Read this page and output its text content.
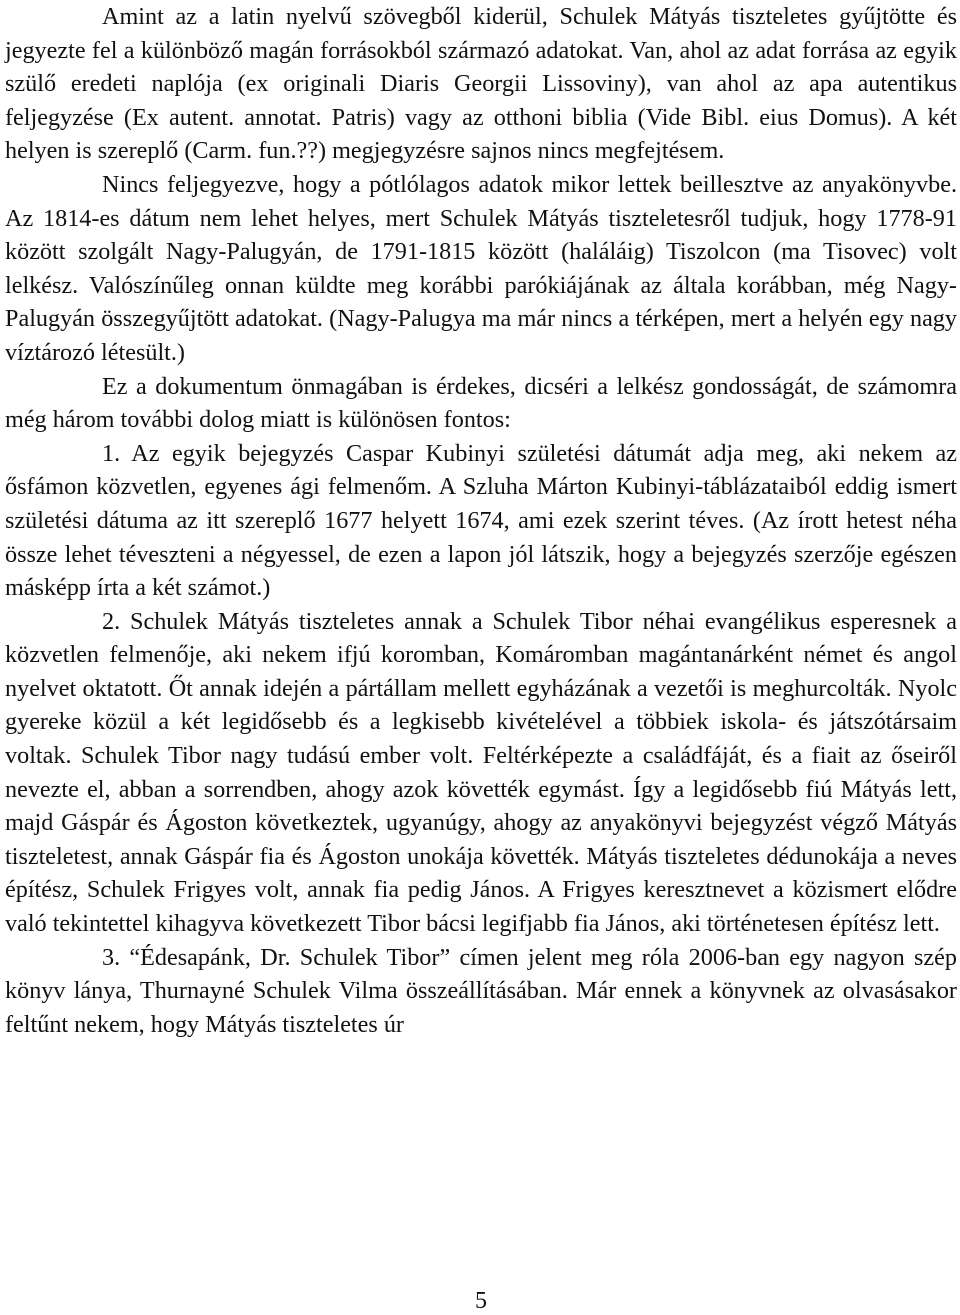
Amint az a latin nyelvű szövegből kiderül, Schulek Mátyás tiszteletes gyűjtötte és jegyezte fel a különböző magán forrásokból származó adatokat. Van, ahol az adat forrása az egyik szülő eredeti naplója (ex originali Diaris Georgii Lissoviny), van ahol az apa autentikus feljegyzése (Ex autent. annotat. Patris) vagy az otthoni biblia (Vide Bibl. eius Domus). A két helyen is szereplő (Carm. fun.??) megjegyzésre sajnos nincs megfejtésem.

Nincs feljegyezve, hogy a pótlólagos adatok mikor lettek beillesztve az anyakönyvbe. Az 1814-es dátum nem lehet helyes, mert Schulek Mátyás tiszteletesről tudjuk, hogy 1778-91 között szolgált Nagy-Palugyán, de 1791-1815 között (haláláig) Tiszolcon (ma Tisovec) volt lelkész. Valószínűleg onnan küldte meg korábbi parókiájának az általa korábban, még Nagy-Palugyán összegyűjtött adatokat. (Nagy-Palugya ma már nincs a térképen, mert a helyén egy nagy víztározó létesült.)

Ez a dokumentum önmagában is érdekes, dicséri a lelkész gondosságát, de számomra még három további dolog miatt is különösen fontos:

1. Az egyik bejegyzés Caspar Kubinyi születési dátumát adja meg, aki nekem az ősfámon közvetlen, egyenes ági felmenőm. A Szluha Márton Kubinyi-táblázataiból eddig ismert születési dátuma az itt szereplő 1677 helyett 1674, ami ezek szerint téves. (Az írott hetest néha össze lehet téveszteni a négyessel, de ezen a lapon jól látszik, hogy a bejegyzés szerzője egészen másképp írta a két számot.)

2. Schulek Mátyás tiszteletes annak a Schulek Tibor néhai evangélikus esperesnek a közvetlen felmenője, aki nekem ifjú koromban, Komáromban magántanárként német és angol nyelvet oktatott. Őt annak idején a pártállam mellett egyházának a vezetői is meghurcolták. Nyolc gyereke közül a két legidősebb és a legkisebb kivételével a többiek iskola- és játszótársaim voltak. Schulek Tibor nagy tudású ember volt. Feltérképezte a családfáját, és a fiait az őseiről nevezte el, abban a sorrendben, ahogy azok követték egymást. Így a legidősebb fiú Mátyás lett, majd Gáspár és Ágoston következtek, ugyanúgy, ahogy az anyakönyvi bejegyzést végző Mátyás tiszteletest, annak Gáspár fia és Ágoston unokája követték. Mátyás tiszteletes dédunokája a neves építész, Schulek Frigyes volt, annak fia pedig János. A Frigyes keresztnevet a közismert elődre való tekintettel kihagyva következett Tibor bácsi legifjabb fia János, aki történetesen építész lett.

3. “Édesapánk, Dr. Schulek Tibor” címen jelent meg róla 2006-ban egy nagyon szép könyv lánya, Thurnayné Schulek Vilma összeállításában. Már ennek a könyvnek az olvasásakor feltűnt nekem, hogy Mátyás tiszteletes úr

5
